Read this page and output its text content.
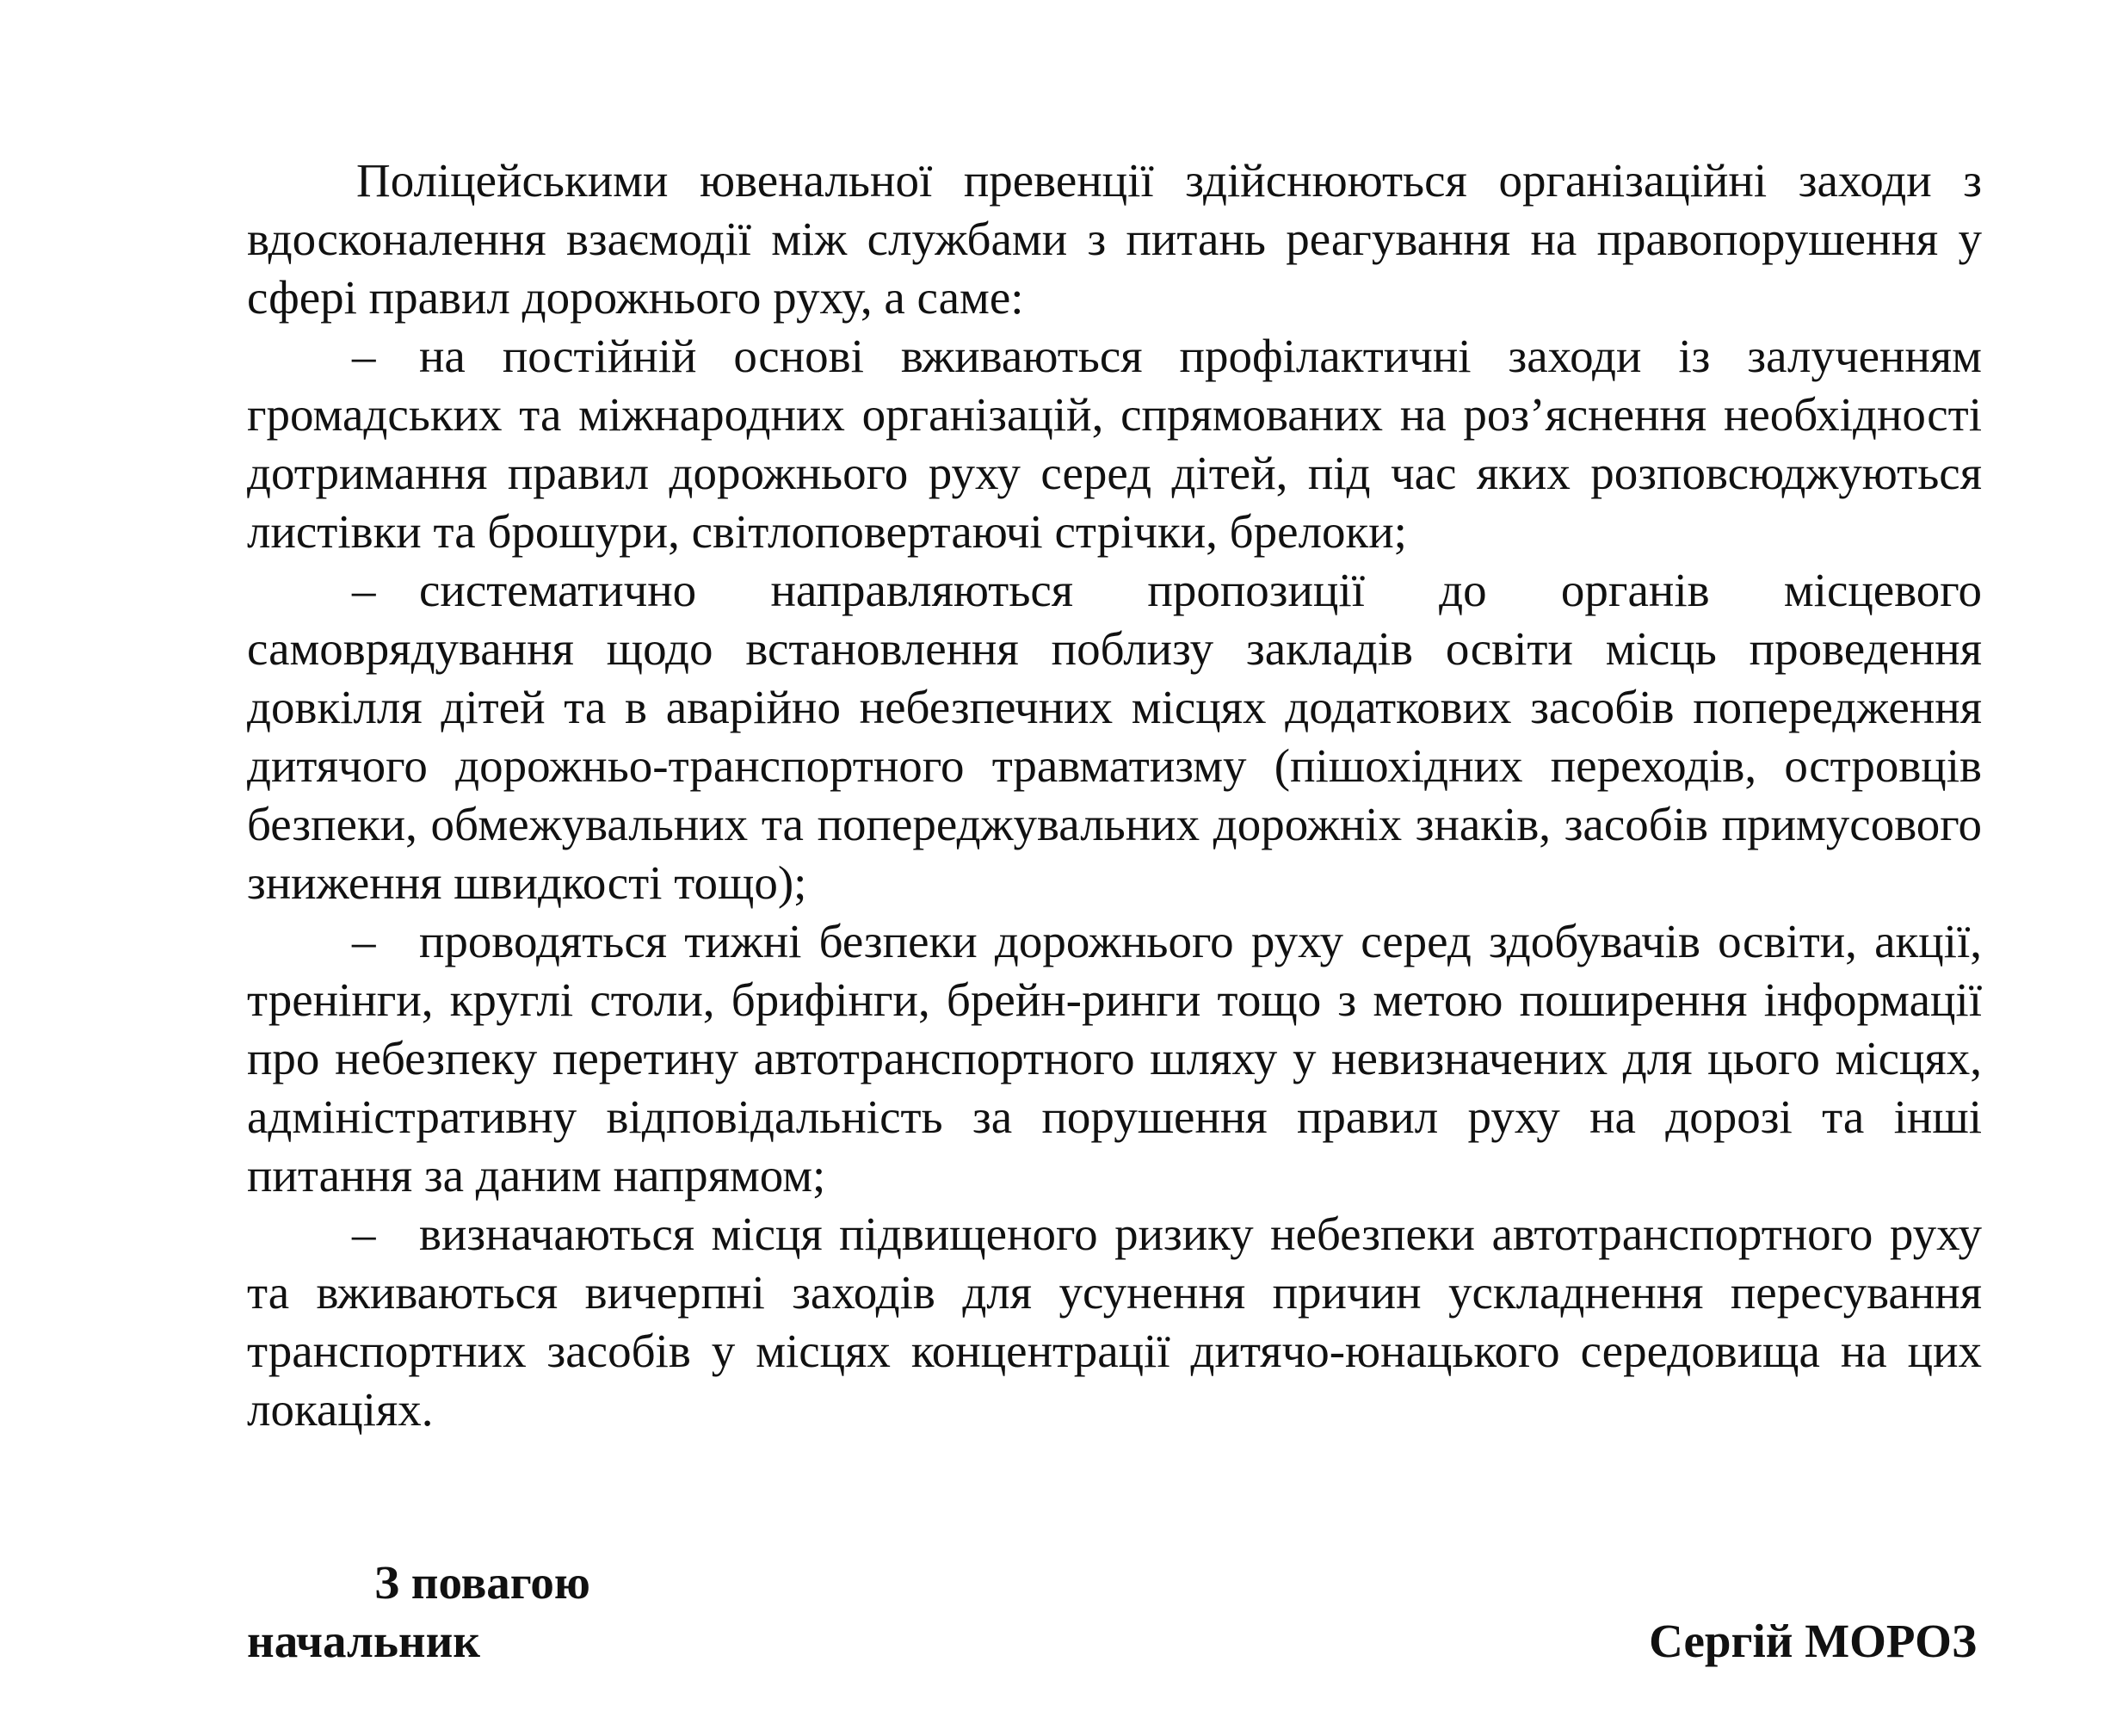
Поліцейськими ювенальної превенції здійснюються організаційні заходи з вдосконалення взаємодії між службами з питань реагування на правопорушення у сфері правил дорожнього руху, а саме:

– на постійній основі вживаються профілактичні заходи із залученням громадських та міжнародних організацій, спрямованих на роз’яснення необхідності дотримання правил дорожнього руху серед дітей, під час яких розповсюджуються листівки та брошури, світлоповертаючі стрічки, брелоки;

– систематично направляються пропозиції до органів місцевого самоврядування щодо встановлення поблизу закладів освіти місць проведення довкілля дітей та в аварійно небезпечних місцях додаткових засобів попередження дитячого дорожньо-транспортного травматизму (пішохідних переходів, островців безпеки, обмежувальних та попереджувальних дорожніх знаків, засобів примусового зниження швидкості тощо);

– проводяться тижні безпеки дорожнього руху серед здобувачів освіти, акції, тренінги, круглі столи, брифінги, брейн-ринги тощо з метою поширення інформації про небезпеку перетину автотранспортного шляху у невизначених для цього місцях, адміністративну відповідальність за порушення правил руху на дорозі та інші питання за даним напрямом;

– визначаються місця підвищеного ризику небезпеки автотранспортного руху та вживаються вичерпні заходів для усунення причин ускладнення пересування транспортних засобів у місцях концентрації дитячо-юнацького середовища на цих локаціях.

З повагою
начальник	Сергій МОРОЗ
